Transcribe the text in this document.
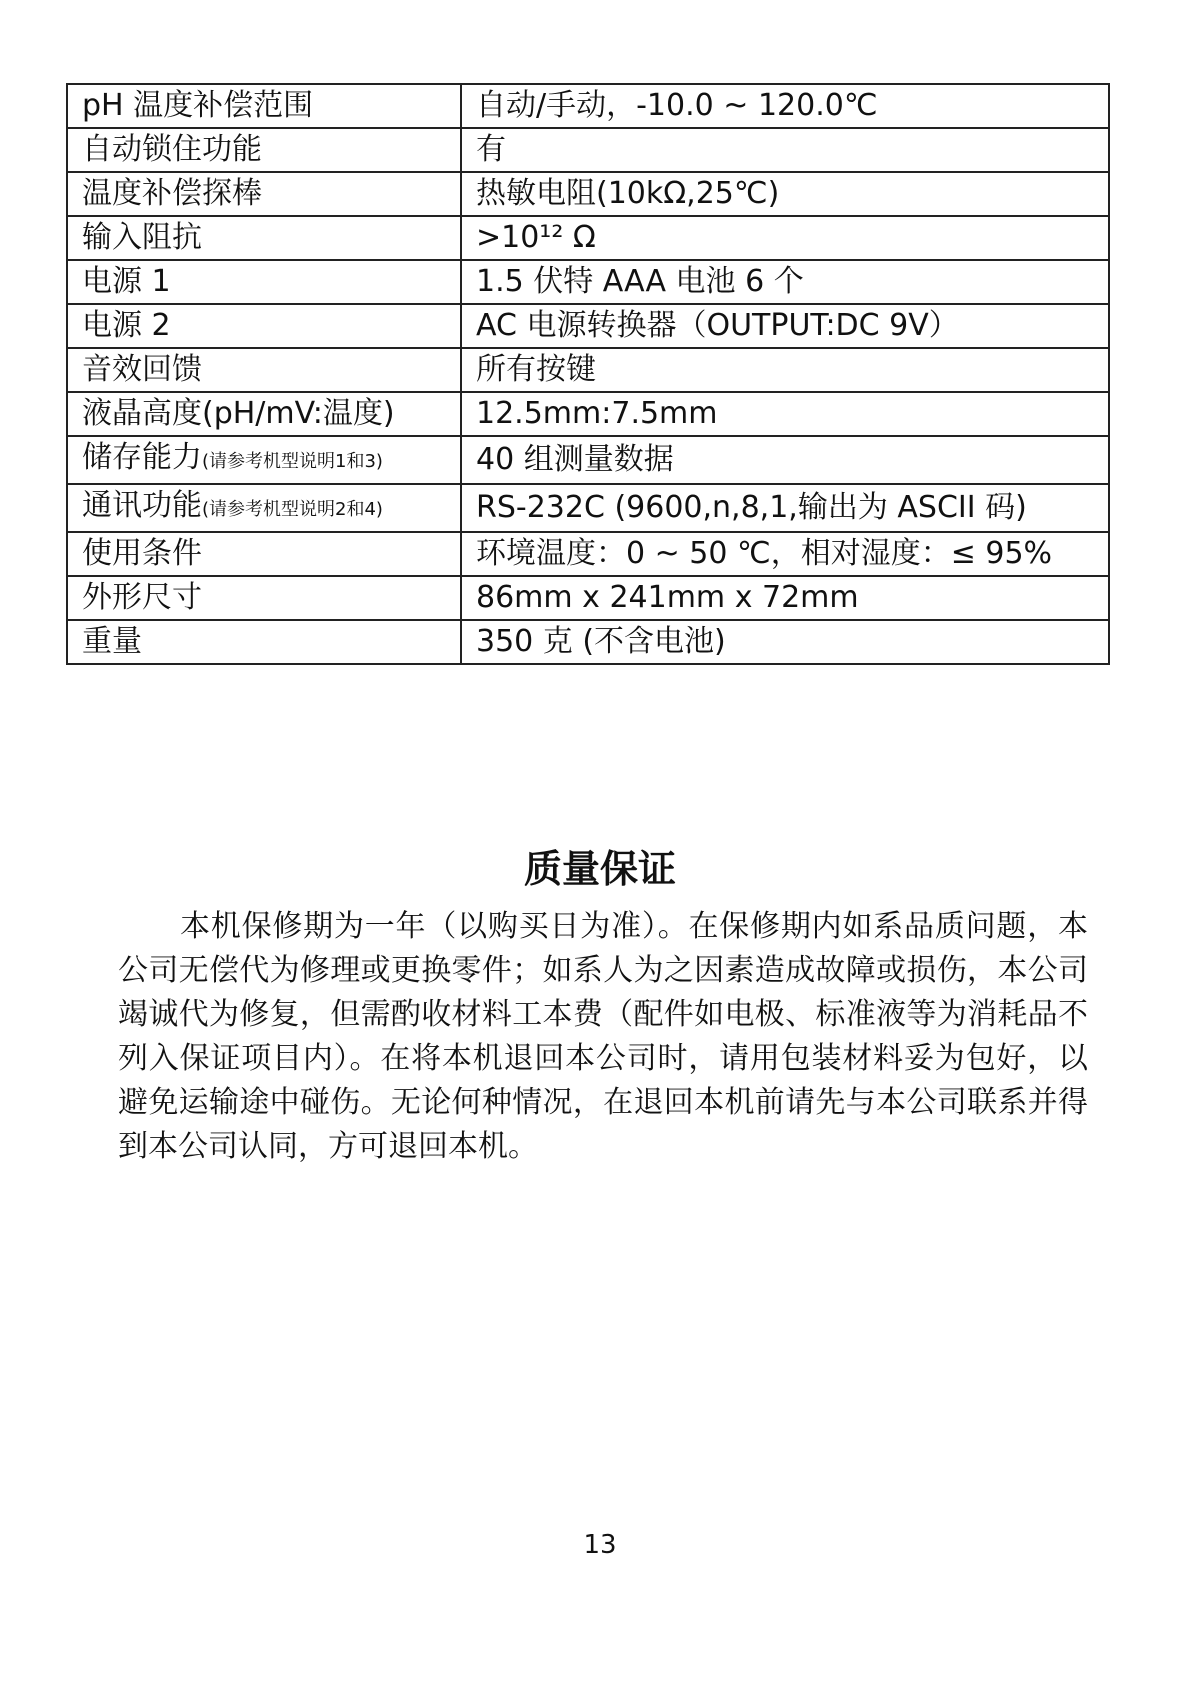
pH 温度补偿范围	自动/手动，-10.0 ~ 120.0℃
自动锁住功能	有
温度补偿探棒	热敏电阻(10kΩ,25℃)
输入阻抗	>10¹² Ω
电源 1	1.5 伏特 AAA 电池 6 个
电源 2	AC 电源转换器（OUTPUT:DC 9V）
音效回馈	所有按键
液晶高度(pH/mV:温度)	12.5mm:7.5mm
储存能力(请参考机型说明1和3)	40 组测量数据
通讯功能(请参考机型说明2和4)	RS-232C (9600,n,8,1,输出为 ASCII 码)
使用条件	环境温度：0 ~ 50 ℃，相对湿度：≤ 95%
外形尺寸	86mm x 241mm x 72mm
重量	350 克 (不含电池)
质量保证

本机保修期为一年（以购买日为准）。在保修期内如系品质问题，本公司无偿代为修理或更换零件；如系人为之因素造成故障或损伤，本公司竭诚代为修复，但需酌收材料工本费（配件如电极、标准液等为消耗品不列入保证项目内）。在将本机退回本公司时，请用包装材料妥为包好，以避免运输途中碰伤。无论何种情况，在退回本机前请先与本公司联系并得到本公司认同，方可退回本机。

13
